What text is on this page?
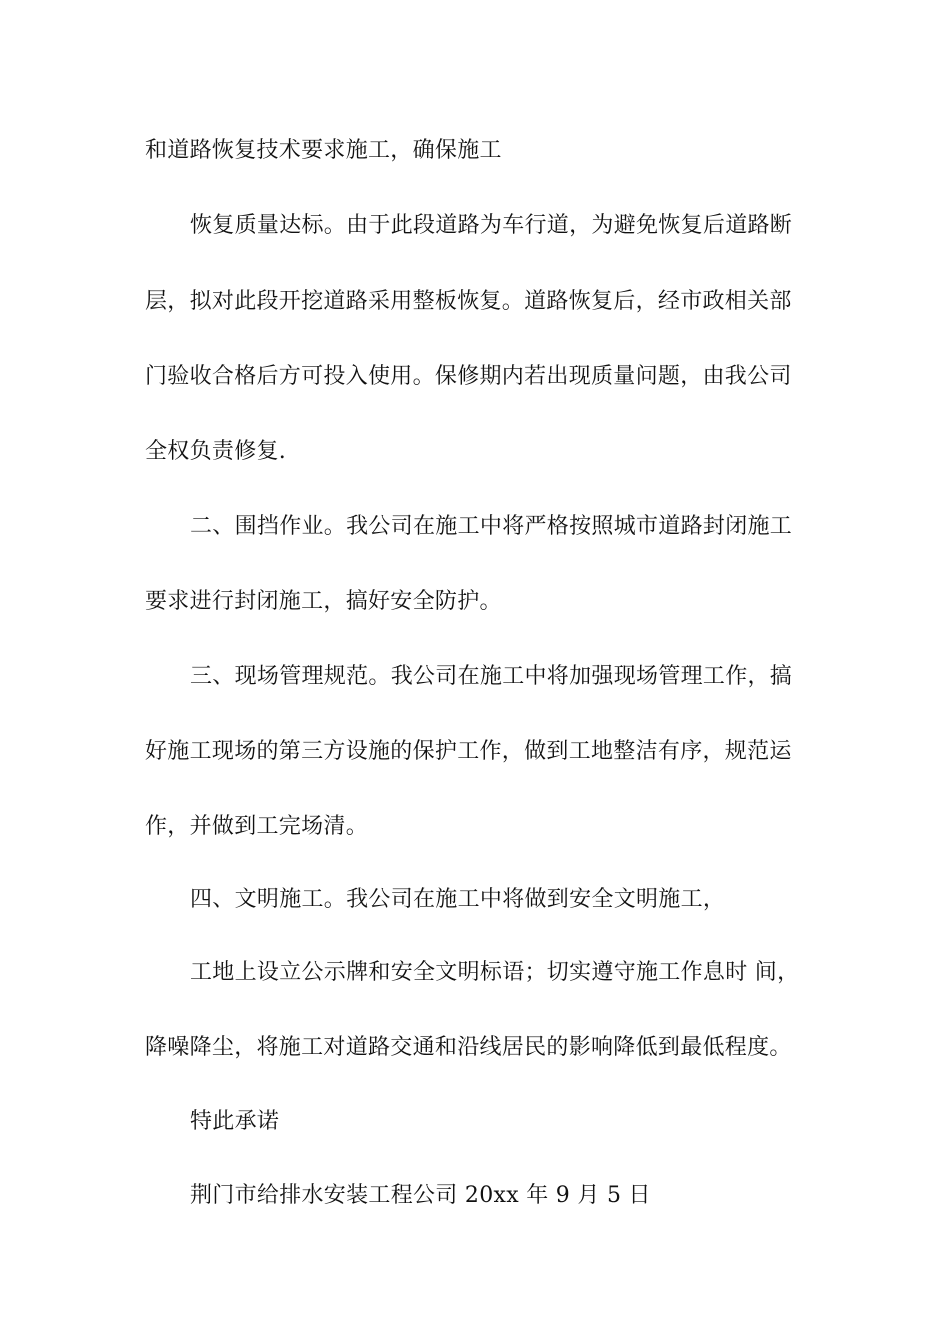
和道路恢复技术要求施工，确保施工
恢复质量达标。由于此段道路为车行道，为避免恢复后道路断
层，拟对此段开挖道路采用整板恢复。道路恢复后，经市政相关部
门验收合格后方可投入使用。保修期内若出现质量问题，由我公司
全权负责修复.
二、围挡作业。我公司在施工中将严格按照城市道路封闭施工
要求进行封闭施工，搞好安全防护。
三、现场管理规范。我公司在施工中将加强现场管理工作，搞
好施工现场的第三方设施的保护工作，做到工地整洁有序，规范运
作，并做到工完场清。
四、文明施工。我公司在施工中将做到安全文明施工，
工地上设立公示牌和安全文明标语；切实遵守施工作息时 间，
降噪降尘，将施工对道路交通和沿线居民的影响降低到最低程度。
特此承诺
荆门市给排水安装工程公司 20xx 年 9 月 5 日
